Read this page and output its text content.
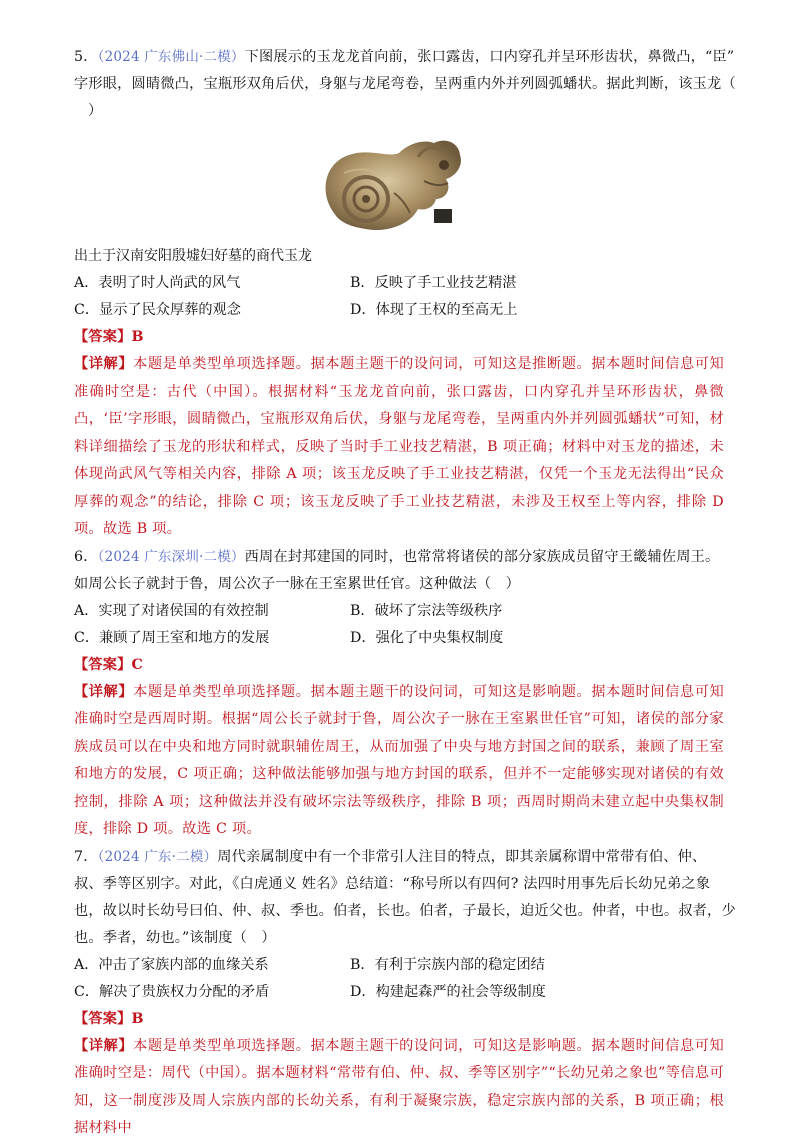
5．（2024 广东佛山·二模）下图展示的玉龙龙首向前，张口露齿，口内穿孔并呈环形齿状，鼻微凸，“臣”
字形眼，圆睛微凸，宝瓶形双角后伏，身躯与龙尾弯卷，呈两重内外并列圆弧蟠状。据此判断，该玉龙（
）
出土于汉南安阳殷墟妇好墓的商代玉龙
A．表明了时人尚武的风气	B．反映了手工业技艺精湛
C．显示了民众厚葬的观念	D．体现了王权的至高无上
【答案】B
【详解】本题是单类型单项选择题。据本题主题干的设问词，可知这是推断题。据本题时间信息可知准确时空是：古代（中国）。根据材料“玉龙龙首向前，张口露齿，口内穿孔并呈环形齿状，鼻微凸，‘臣’字形眼，圆睛微凸，宝瓶形双角后伏，身躯与龙尾弯卷，呈两重内外并列圆弧蟠状”可知，材料详细描绘了玉龙的形状和样式，反映了当时手工业技艺精湛，B 项正确；材料中对玉龙的描述，未体现尚武风气等相关内容，排除 A 项；该玉龙反映了手工业技艺精湛，仅凭一个玉龙无法得出“民众厚葬的观念”的结论，排除 C 项；该玉龙反映了手工业技艺精湛，未涉及王权至上等内容，排除 D 项。故选 B 项。
6．（2024 广东深圳·二模）西周在封邦建国的同时，也常常将诸侯的部分家族成员留守王畿辅佐周王。
如周公长子就封于鲁，周公次子一脉在王室累世任官。这种做法（　）
A．实现了对诸侯国的有效控制	B．破坏了宗法等级秩序
C．兼顾了周王室和地方的发展	D．强化了中央集权制度
【答案】C
【详解】本题是单类型单项选择题。据本题主题干的设问词，可知这是影响题。据本题时间信息可知准确时空是西周时期。根据“周公长子就封于鲁，周公次子一脉在王室累世任官”可知，诸侯的部分家族成员可以在中央和地方同时就职辅佐周王，从而加强了中央与地方封国之间的联系，兼顾了周王室和地方的发展，C 项正确；这种做法能够加强与地方封国的联系，但并不一定能够实现对诸侯的有效控制，排除 A 项；这种做法并没有破坏宗法等级秩序，排除 B 项；西周时期尚未建立起中央集权制度，排除 D 项。故选 C 项。
7．（2024 广东·二模）周代亲属制度中有一个非常引人注目的特点，即其亲属称谓中常带有伯、仲、
叔、季等区别字。对此，《白虎通义 姓名》总结道：“称号所以有四何? 法四时用事先后长幼兄弟之象
也，故以时长幼号曰伯、仲、叔、季也。伯者，长也。伯者，子最长，迫近父也。仲者，中也。叔者，少
也。季者，幼也。”该制度（　）
A．冲击了家族内部的血缘关系	B．有利于宗族内部的稳定团结
C．解决了贵族权力分配的矛盾	D．构建起森严的社会等级制度
【答案】B
【详解】本题是单类型单项选择题。据本题主题干的设问词，可知这是影响题。据本题时间信息可知准确时空是：周代（中国）。据本题材料“常带有伯、仲、叔、季等区别字”“长幼兄弟之象也”等信息可知，这一制度涉及周人宗族内部的长幼关系，有利于凝聚宗族，稳定宗族内部的关系，B 项正确；根据材料中
